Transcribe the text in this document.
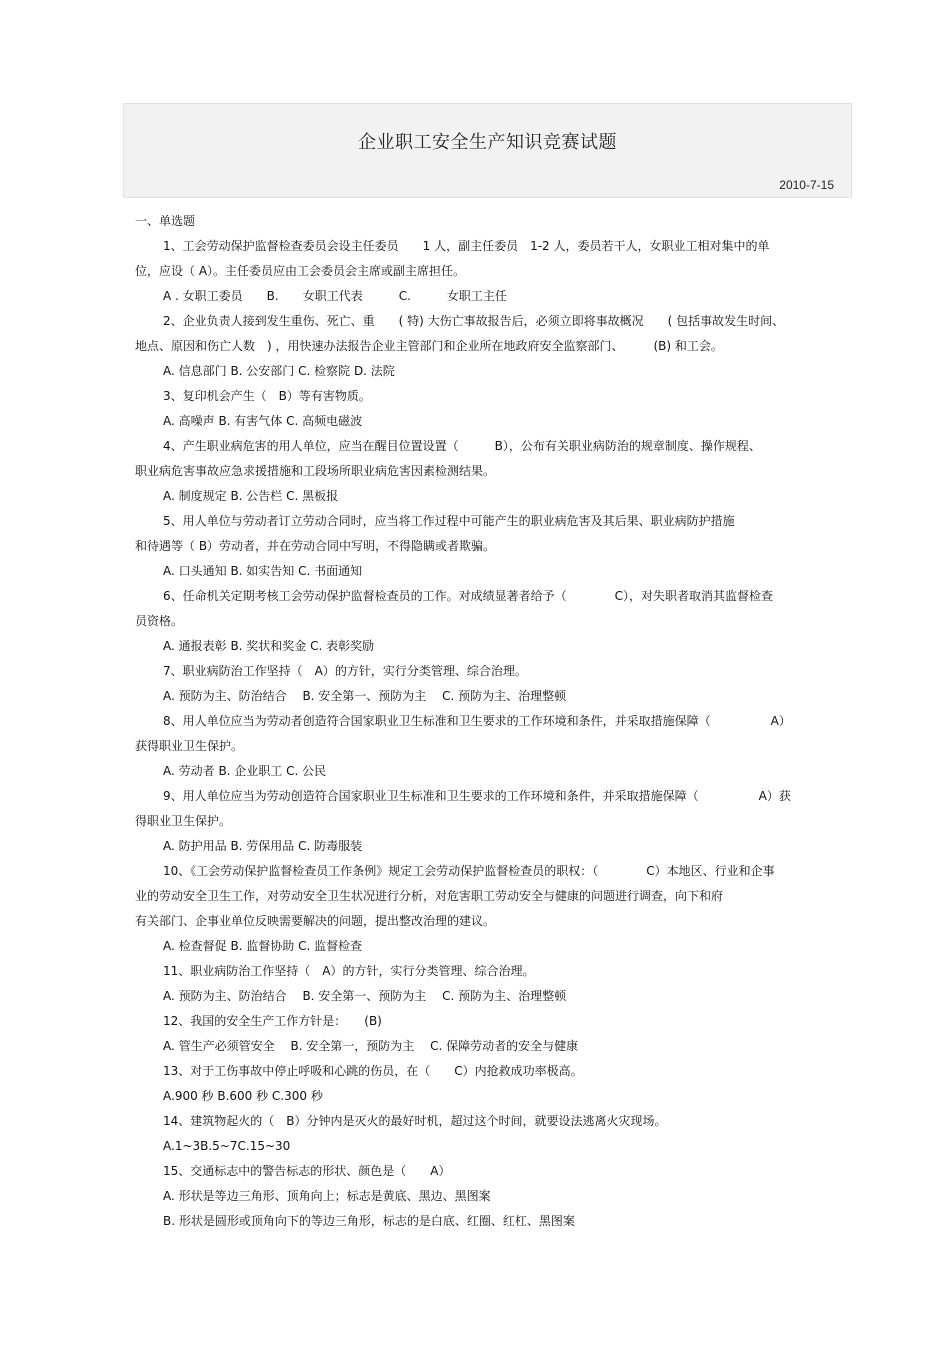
企业职工安全生产知识竞赛试题
2010-7-15
一、单选题
1、工会劳动保护监督检查委员会设主任委员　　1 人，副主任委员　1-2 人，委员若干人，女职业工相对集中的单
位，应设（ A）。主任委员应由工会委员会主席或副主席担任。
A . 女职工委员　　B.　　女职工代表　　　C.　　　女职工主任
2、企业负责人接到发生重伤、死亡、重　　( 特) 大伤亡事故报告后，必须立即将事故概况　　( 包括事故发生时间、
地点、原因和伤亡人数　) ，用快速办法报告企业主管部门和企业所在地政府安全监察部门、　　　(B) 和工会。
A. 信息部门 B. 公安部门 C. 检察院 D. 法院
3、复印机会产生（　B）等有害物质。
A. 高噪声 B. 有害气体 C. 高频电磁波
4、产生职业病危害的用人单位，应当在醒目位置设置（　　　B），公布有关职业病防治的规章制度、操作规程、
职业病危害事故应急求援措施和工段场所职业病危害因素检测结果。
A. 制度规定 B. 公告栏 C. 黑板报
5、用人单位与劳动者订立劳动合同时，应当将工作过程中可能产生的职业病危害及其后果、职业病防护措施
和待遇等（ B）劳动者，并在劳动合同中写明，不得隐瞒或者欺骗。
A. 口头通知 B. 如实告知 C. 书面通知
6、任命机关定期考核工会劳动保护监督检查员的工作。对成绩显著者给予（　　　　C），对失职者取消其监督检查
员资格。
A. 通报表彰 B. 奖状和奖金 C. 表彰奖励
7、职业病防治工作坚持（　A）的方针，实行分类管理、综合治理。
A. 预防为主、防治结合　 B. 安全第一、预防为主　 C. 预防为主、治理整顿
8、用人单位应当为劳动者创造符合国家职业卫生标准和卫生要求的工作环境和条件，并采取措施保障（　　　　　A）
获得职业卫生保护。
A. 劳动者 B. 企业职工 C. 公民
9、用人单位应当为劳动创造符合国家职业卫生标准和卫生要求的工作环境和条件，并采取措施保障（　　　　　A）获
得职业卫生保护。
A. 防护用品 B. 劳保用品 C. 防毒服装
10、《工会劳动保护监督检查员工作条例》规定工会劳动保护监督检查员的职权：（　　　　C）本地区、行业和企事
业的劳动安全卫生工作，对劳动安全卫生状况进行分析，对危害职工劳动安全与健康的问题进行调查，向下和府
有关部门、企事业单位反映需要解决的问题，提出整改治理的建议。
A. 检查督促 B. 监督协助 C. 监督检查
11、职业病防治工作坚持（　A）的方针，实行分类管理、综合治理。
A. 预防为主、防治结合　 B. 安全第一、预防为主　 C. 预防为主、治理整顿
12、我国的安全生产工作方针是：　　(B)
A. 管生产必须管安全　 B. 安全第一，预防为主　 C. 保障劳动者的安全与健康
13、对于工伤事故中停止呼吸和心跳的伤员，在（　　C）内抢救成功率极高。
A.900 秒 B.600 秒 C.300 秒
14、建筑物起火的（　B）分钟内是灭火的最好时机，超过这个时间，就要设法逃离火灾现场。
A.1~3B.5~7C.15~30
15、交通标志中的警告标志的形状、颜色是（　　A）
A. 形状是等边三角形、顶角向上；标志是黄底、黑边、黑图案
B. 形状是圆形或顶角向下的等边三角形，标志的是白底、红圈、红杠、黑图案
